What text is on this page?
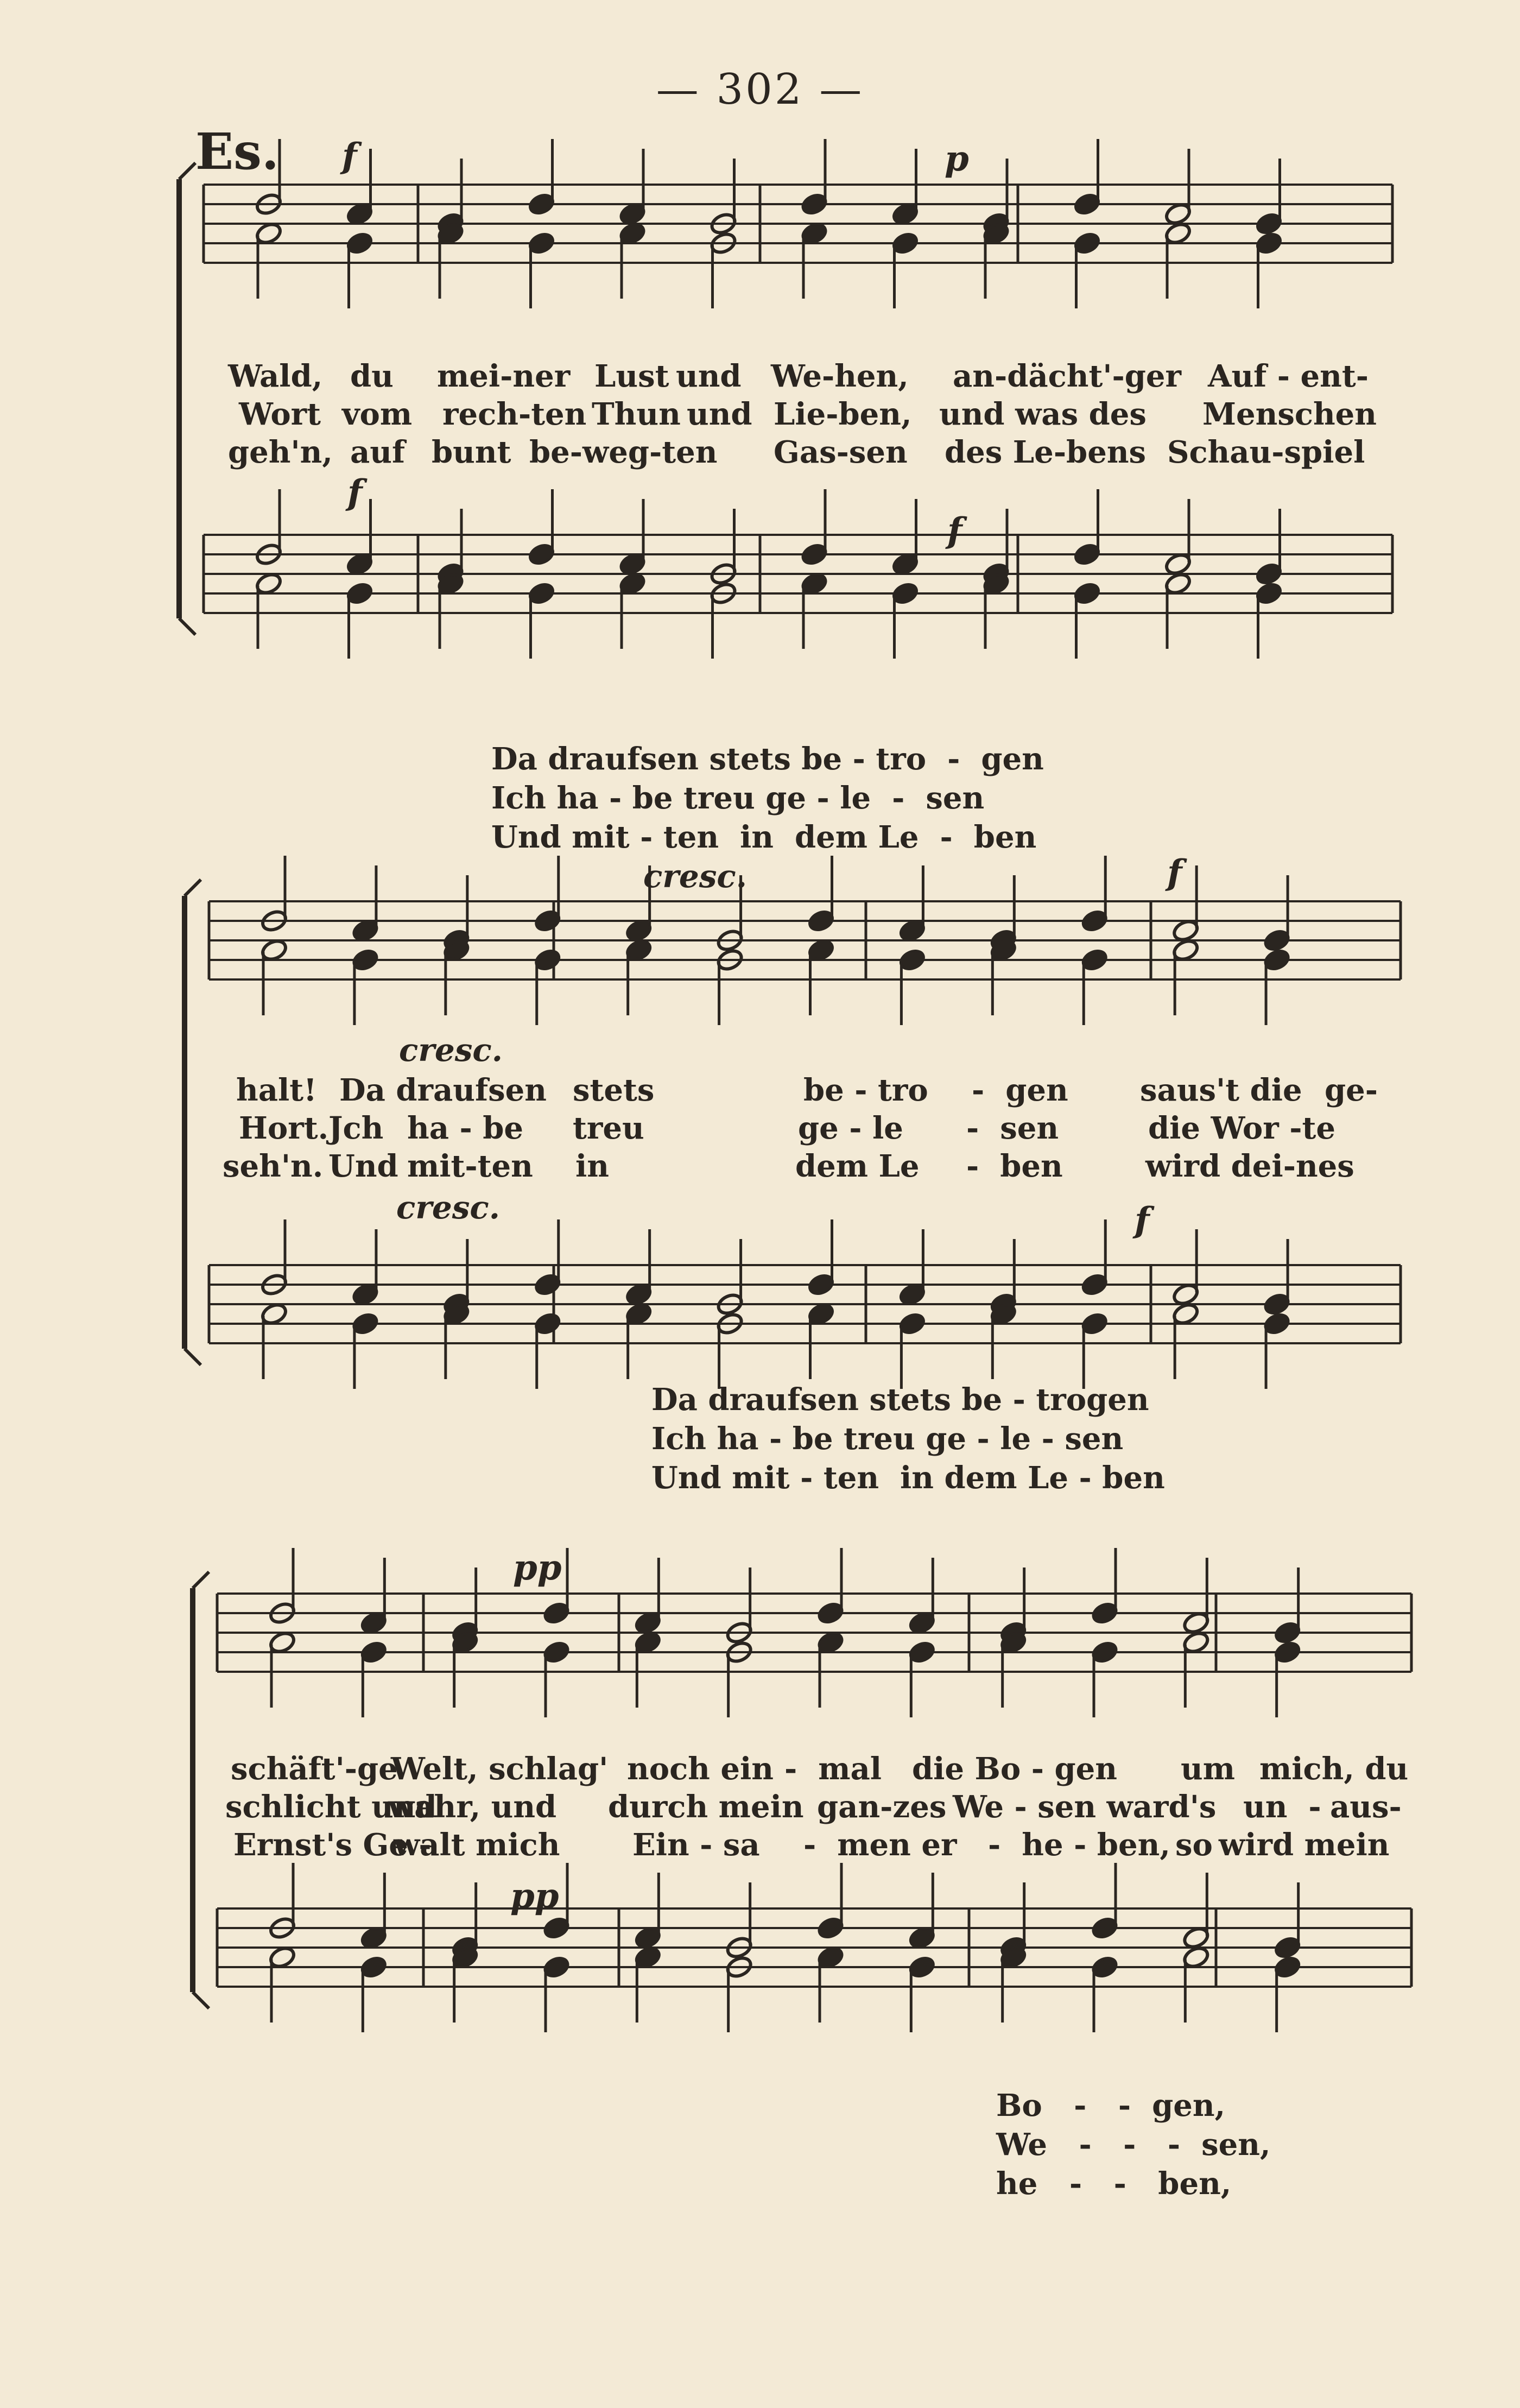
— 302 —
Es. f	p
f
f
f
f
pp
pp
cresc.
cresc.
cresc.
Wald, du mei-ner Lust und We-hen, an-dächt'-ger Auf - ent-
Wort vom rech-ten Thun und Lie-ben, und was des Menschen
geh'n, auf bunt be-weg-ten Gas-sen des Le-bens Schau-spiel
Da draufsen stets be - tro  -  gen
Ich ha - be treu ge - le  -  sen
Und mit - ten  in  dem Le  -  ben
halt! Da draufsen stets	be - tro -  gen saus't die ge-
Hort. Jch ha - be treu	ge - le -  sen	die Wor -te
seh'n. Und mit-ten in	dem Le -  ben	wird dei-nes
Da draufsen stets be - trogen
Ich ha - be treu ge - le - sen
Und mit - ten  in dem Le - ben
schäft'-ge
Welt, schlag' noch ein -  mal die Bo - gen um mich, du
schlicht und
wahr, und durch mein gan-zes We - sen ward's un  - aus-
Ernst's Ge -
walt mich Ein - sa -  men er -  he - ben, so wird mein
Bo   -   -  gen,
We   -   -   -  sen,
he   -   -   ben,
